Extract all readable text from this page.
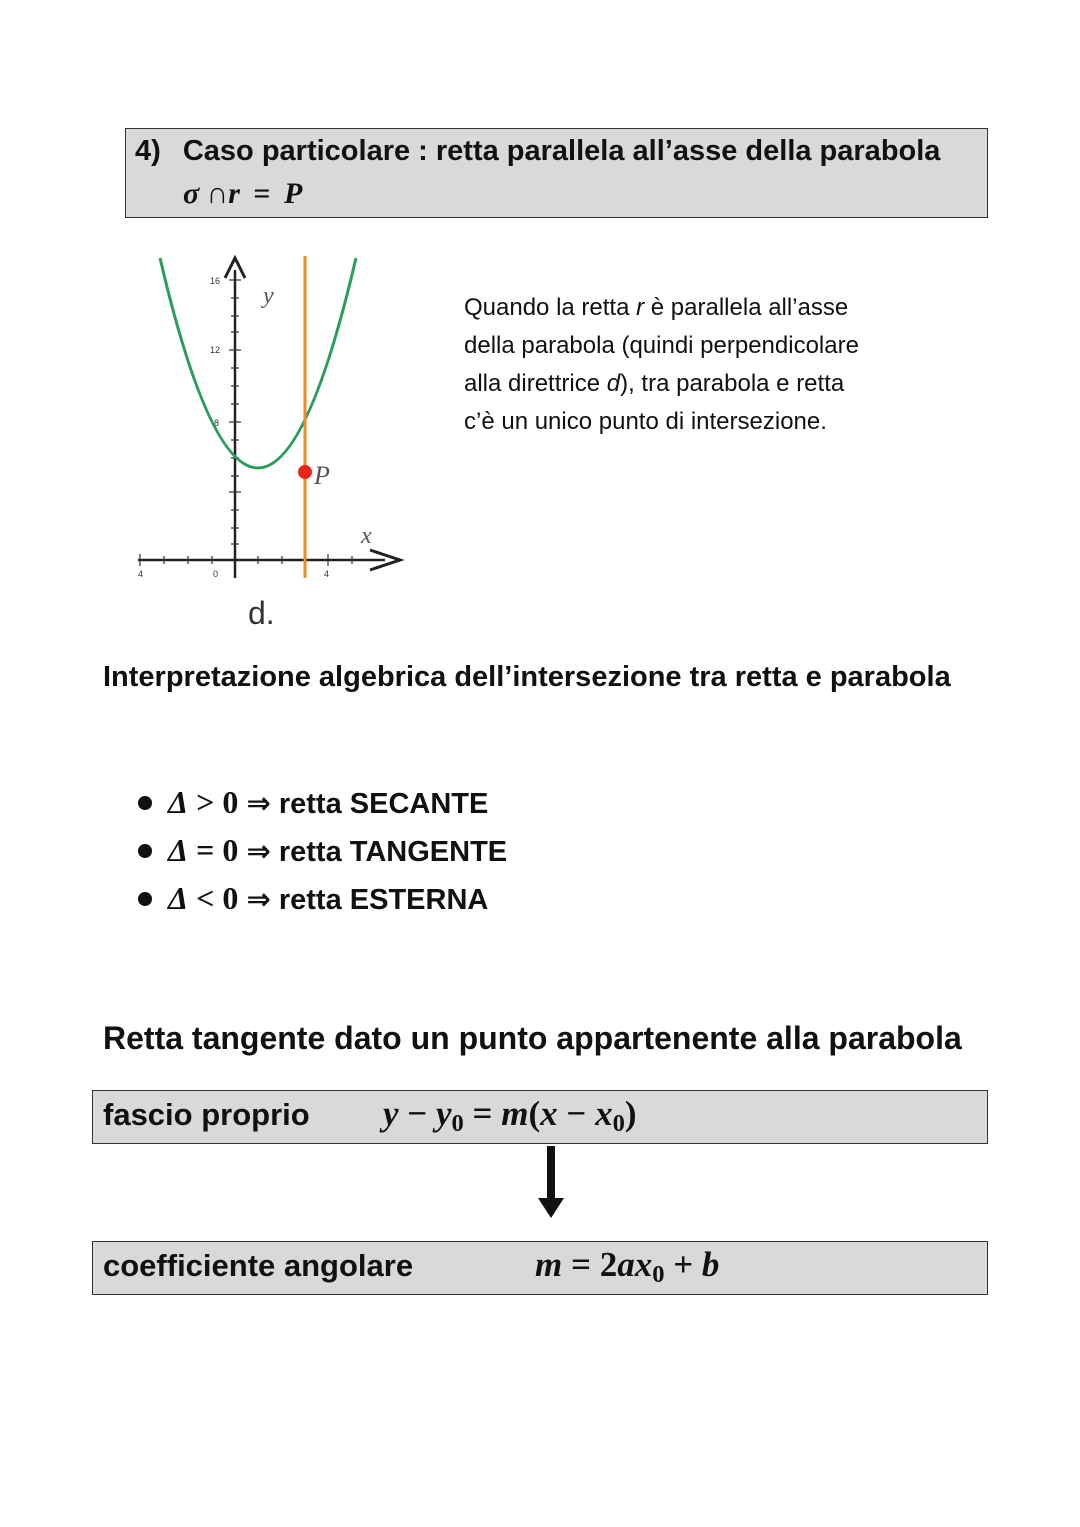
4) Caso particolare : retta parallela all’asse della parabola
σ ∩r = P
16
12
8
0
4	4
y
P
x
d.
Quando la retta r è parallela all’asse
della parabola (quindi perpendicolare
alla direttrice d), tra parabola e retta
c’è un unico punto di intersezione.
Interpretazione algebrica dell’intersezione tra retta e parabola
Δ > 0 ⇒ retta SECANTE
Δ = 0 ⇒ retta TANGENTE
Δ < 0 ⇒ retta ESTERNA
Retta tangente dato un punto appartenente alla parabola
fascio proprio $y - y_0 = m(x - x_0)$
coefficiente angolare	$m = 2ax_0 + b$
